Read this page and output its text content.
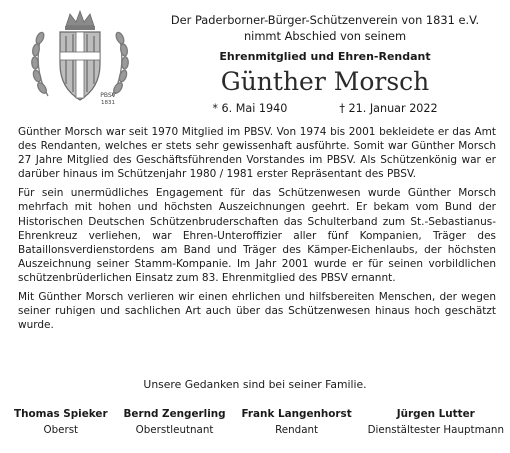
PBSV
1831
Der Paderborner-Bürger-Schützenverein von 1831 e.V.
nimmt Abschied von seinem
Ehrenmitglied und Ehren-Rendant
Günther Morsch
* 6. Mai 1940	† 21. Januar 2022

Günther Morsch war seit 1970 Mitglied im PBSV. Von 1974 bis 2001 bekleidete er das Amt des Rendanten, welches er stets sehr gewissenhaft ausführte. Somit war Günther Morsch 27 Jahre Mitglied des Geschäftsführenden Vorstandes im PBSV. Als Schützenkönig war er darüber hinaus im Schützenjahr 1980 / 1981 erster Repräsentant des PBSV.

Für sein unermüdliches Engagement für das Schützenwesen wurde Günther Morsch mehrfach mit hohen und höchsten Auszeichnungen geehrt. Er bekam vom Bund der Historischen Deutschen Schützenbruderschaften das Schulterband zum St.-Sebastianus-Ehrenkreuz verliehen, war Ehren-Unteroffizier aller fünf Kompanien, Träger des Bataillonsverdienstordens am Band und Träger des Kämper-Eichenlaubs, der höchsten Auszeichnung seiner Stamm-Kompanie. Im Jahr 2001 wurde er für seinen vorbildlichen schützenbrüderlichen Einsatz zum 83. Ehrenmitglied des PBSV ernannt.

Mit Günther Morsch verlieren wir einen ehrlichen und hilfsbereiten Menschen, der wegen seiner ruhigen und sachlichen Art auch über das Schützenwesen hinaus hoch geschätzt wurde.

Unsere Gedanken sind bei seiner Familie.
Thomas Spieker
Oberst
Bernd Zengerling
Oberstleutnant
Frank Langenhorst
Rendant
Jürgen Lutter
Dienstältester Hauptmann
